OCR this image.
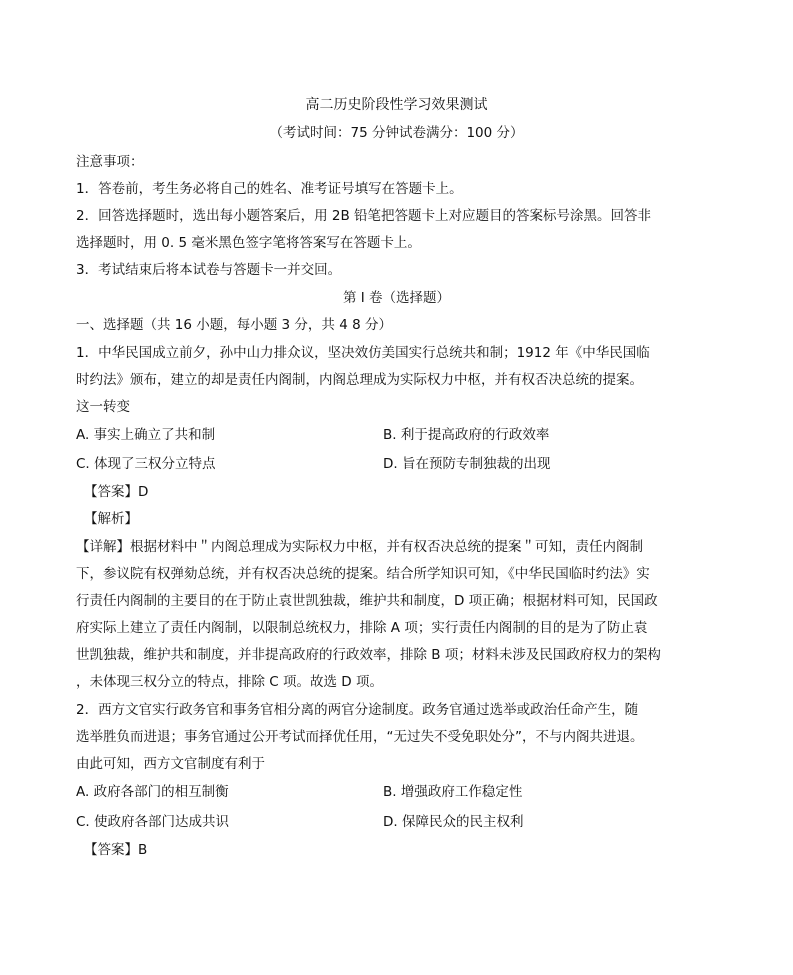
高二历史阶段性学习效果测试
（考试时间：75 分钟试卷满分：100 分）
注意事项：
1．答卷前，考生务必将自己的姓名、准考证号填写在答题卡上。
2．回答选择题时，选出每小题答案后，用 2B 铅笔把答题卡上对应题目的答案标号涂黑。回答非
选择题时，用 0. 5 毫米黑色签字笔将答案写在答题卡上。
3．考试结束后将本试卷与答题卡一并交回。
第 I 卷（选择题）
一、选择题（共 16 小题，每小题 3 分，共 4 8 分）
1．中华民国成立前夕，孙中山力排众议，坚决效仿美国实行总统共和制；1912 年《中华民国临
时约法》颁布，建立的却是责任内阁制，内阁总理成为实际权力中枢，并有权否决总统的提案。
这一转变
A. 事实上确立了共和制	B. 利于提高政府的行政效率
C. 体现了三权分立特点	D. 旨在预防专制独裁的出现
【答案】D
【解析】
【详解】根据材料中＂内阁总理成为实际权力中枢，并有权否决总统的提案＂可知，责任内阁制
下，参议院有权弹劾总统，并有权否决总统的提案。结合所学知识可知，《中华民国临时约法》实
行责任内阁制的主要目的在于防止袁世凯独裁，维护共和制度，D 项正确；根据材料可知，民国政
府实际上建立了责任内阁制，以限制总统权力，排除 A 项；实行责任内阁制的目的是为了防止袁
世凯独裁，维护共和制度，并非提高政府的行政效率，排除 B 项；材料未涉及民国政府权力的架构
，未体现三权分立的特点，排除 C 项。故选 D 项。
2．西方文官实行政务官和事务官相分离的两官分途制度。政务官通过选举或政治任命产生，随
选举胜负而进退；事务官通过公开考试而择优任用，“无过失不受免职处分”，不与内阁共进退。
由此可知，西方文官制度有利于
A. 政府各部门的相互制衡	B. 增强政府工作稳定性
C. 使政府各部门达成共识	D. 保障民众的民主权利
【答案】B
